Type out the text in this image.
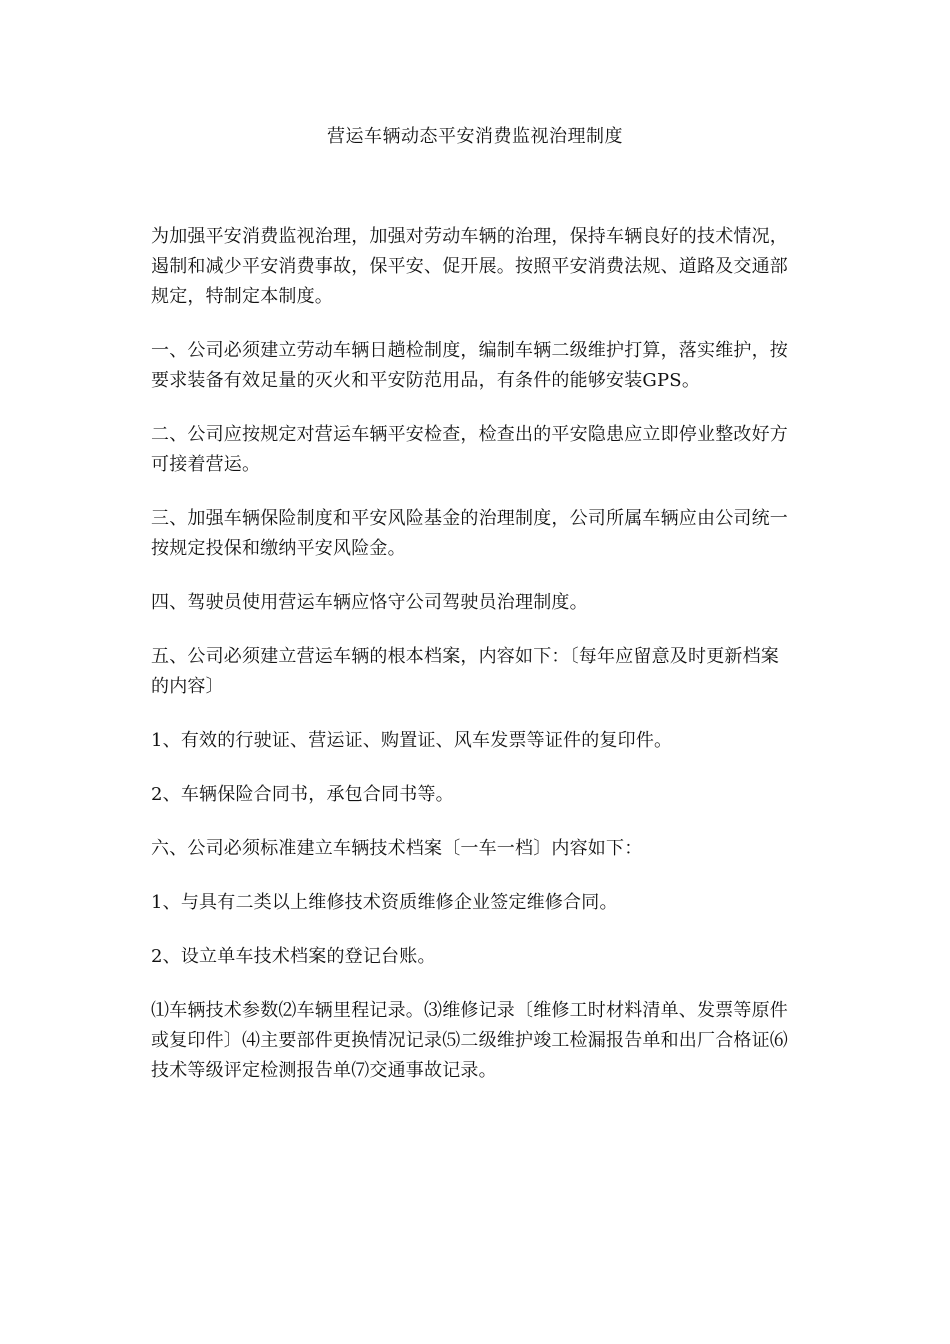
营运车辆动态平安消费监视治理制度

为加强平安消费监视治理，加强对劳动车辆的治理，保持车辆良好的技术情况，遏制和减少平安消费事故，保平安、促开展。按照平安消费法规、道路及交通部规定，特制定本制度。

一、公司必须建立劳动车辆日趟检制度，编制车辆二级维护打算，落实维护，按要求装备有效足量的灭火和平安防范用品，有条件的能够安装GPS。

二、公司应按规定对营运车辆平安检查，检查出的平安隐患应立即停业整改好方可接着营运。

三、加强车辆保险制度和平安风险基金的治理制度，公司所属车辆应由公司统一按规定投保和缴纳平安风险金。

四、驾驶员使用营运车辆应恪守公司驾驶员治理制度。

五、公司必须建立营运车辆的根本档案，内容如下：〔每年应留意及时更新档案的内容〕

1、有效的行驶证、营运证、购置证、风车发票等证件的复印件。

2、车辆保险合同书，承包合同书等。

六、公司必须标准建立车辆技术档案〔一车一档〕内容如下：

1、与具有二类以上维修技术资质维修企业签定维修合同。

2、设立单车技术档案的登记台账。

⑴车辆技术参数⑵车辆里程记录。⑶维修记录〔维修工时材料清单、发票等原件或复印件〕⑷主要部件更换情况记录⑸二级维护竣工检漏报告单和出厂合格证⑹技术等级评定检测报告单⑺交通事故记录。
